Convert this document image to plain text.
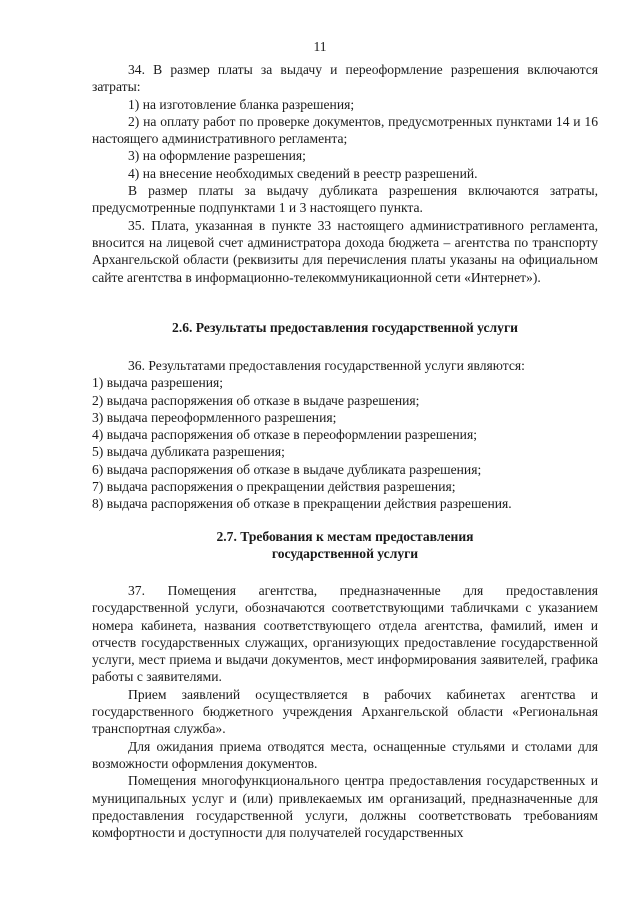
11

34. В размер платы за выдачу и переоформление разрешения включаются затраты:

1) на изготовление бланка разрешения;

2) на оплату работ по проверке документов, предусмотренных пунктами 14 и 16 настоящего административного регламента;

3) на оформление разрешения;

4) на внесение необходимых сведений в реестр разрешений.

В размер платы за выдачу дубликата разрешения включаются затраты, предусмотренные подпунктами 1 и 3 настоящего пункта.

35. Плата, указанная в пункте 33 настоящего административного регламента, вносится на лицевой счет администратора дохода бюджета – агентства по транспорту Архангельской области (реквизиты для перечисления платы указаны на официальном сайте агентства в информационно-телекоммуникационной сети «Интернет»).

2.6. Результаты предоставления государственной услуги

36. Результатами предоставления государственной услуги являются:

1) выдача разрешения;

2) выдача распоряжения об отказе в выдаче разрешения;

3) выдача переоформленного разрешения;

4) выдача распоряжения об отказе в переоформлении разрешения;

5) выдача дубликата разрешения;

6) выдача распоряжения об отказе в выдаче дубликата разрешения;

7) выдача распоряжения о прекращении действия разрешения;

8) выдача распоряжения об отказе в прекращении действия разрешения.

2.7. Требования к местам предоставления

государственной услуги

37. Помещения агентства, предназначенные для предоставления государственной услуги, обозначаются соответствующими табличками с указанием номера кабинета, названия соответствующего отдела агентства, фамилий, имен и отчеств государственных служащих, организующих предоставление государственной услуги, мест приема и выдачи документов, мест информирования заявителей, графика работы с заявителями.

Прием заявлений осуществляется в рабочих кабинетах агентства и государственного бюджетного учреждения Архангельской области «Региональная транспортная служба».

Для ожидания приема отводятся места, оснащенные стульями и столами для возможности оформления документов.

Помещения многофункционального центра предоставления государственных и муниципальных услуг и (или) привлекаемых им организаций, предназначенные для предоставления государственной услуги, должны соответствовать требованиям комфортности и доступности для получателей государственных
